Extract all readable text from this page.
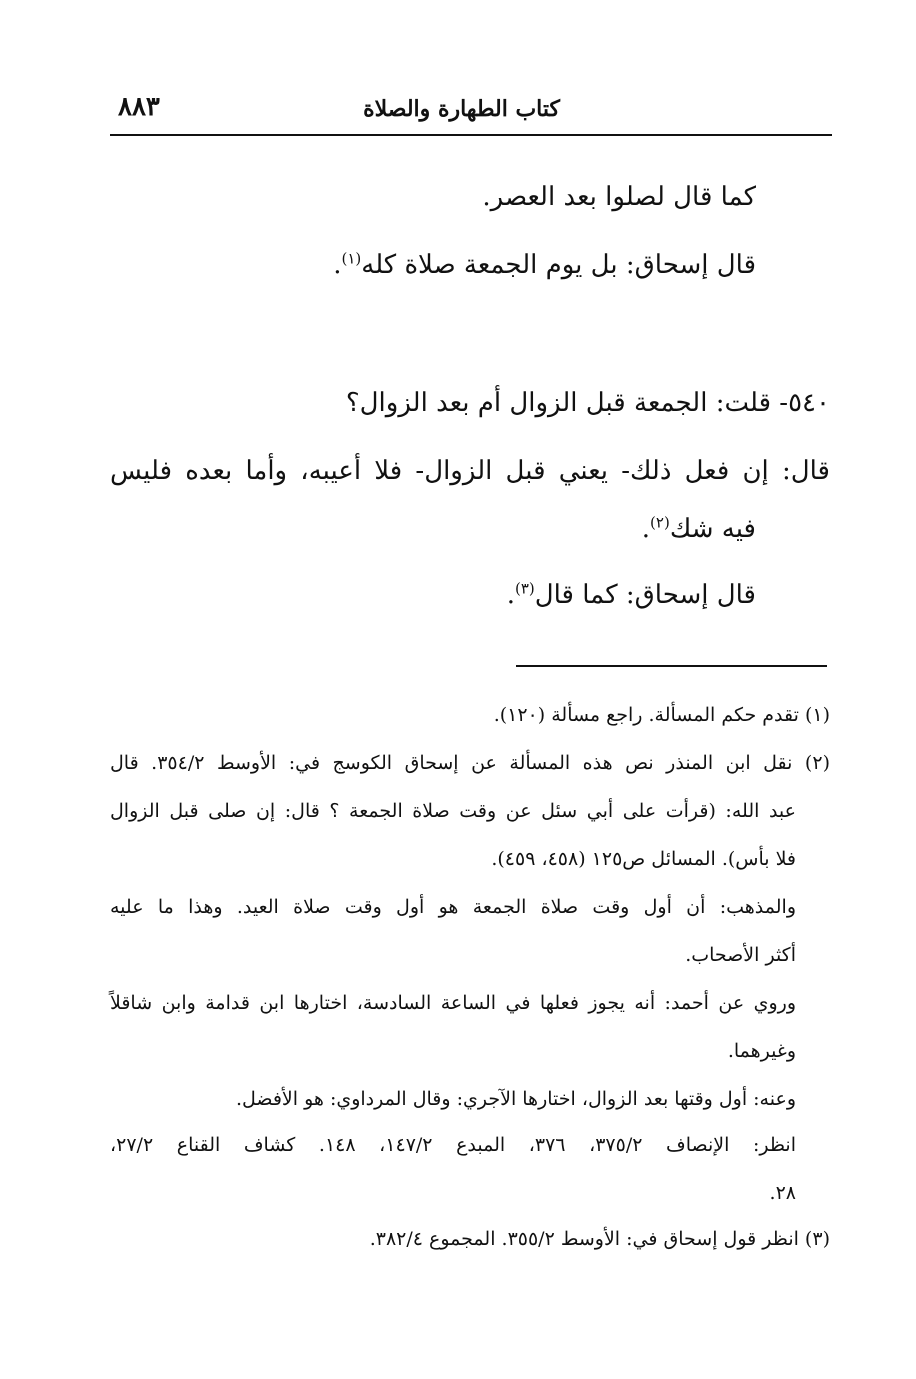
٨٨٣	كتاب الطهارة والصلاة
كما قال لصلوا بعد العصر.
قال إسحاق: بل يوم الجمعة صلاة كله$^{(١)}$.
٥٤٠- قلت: الجمعة قبل الزوال أم بعد الزوال؟
قال: إن فعل ذلك- يعني قبل الزوال- فلا أعيبه، وأما بعده فليس
فيه شك$^{(٢)}$.
قال إسحاق: كما قال$^{(٣)}$.
(١) تقدم حكم المسألة. راجع مسألة (١٢٠).
(٢) نقل ابن المنذر نص هذه المسألة عن إسحاق الكوسج في: الأوسط ٣٥٤/٢. قال
عبد الله: (قرأت على أبي سئل عن وقت صلاة الجمعة ؟ قال: إن صلى قبل الزوال
فلا بأس). المسائل ص١٢٥ (٤٥٨، ٤٥٩).
والمذهب: أن أول وقت صلاة الجمعة هو أول وقت صلاة العيد. وهذا ما عليه
أكثر الأصحاب.
وروي عن أحمد: أنه يجوز فعلها في الساعة السادسة، اختارها ابن قدامة وابن شاقلاً
وغيرهما.
وعنه: أول وقتها بعد الزوال، اختارها الآجري: وقال المرداوي: هو الأفضل.
انظر: الإنصاف ٣٧٥/٢، ٣٧٦، المبدع ١٤٧/٢، ١٤٨. كشاف القناع ٢٧/٢،
٢٨.
(٣) انظر قول إسحاق في: الأوسط ٣٥٥/٢. المجموع ٣٨٢/٤.
